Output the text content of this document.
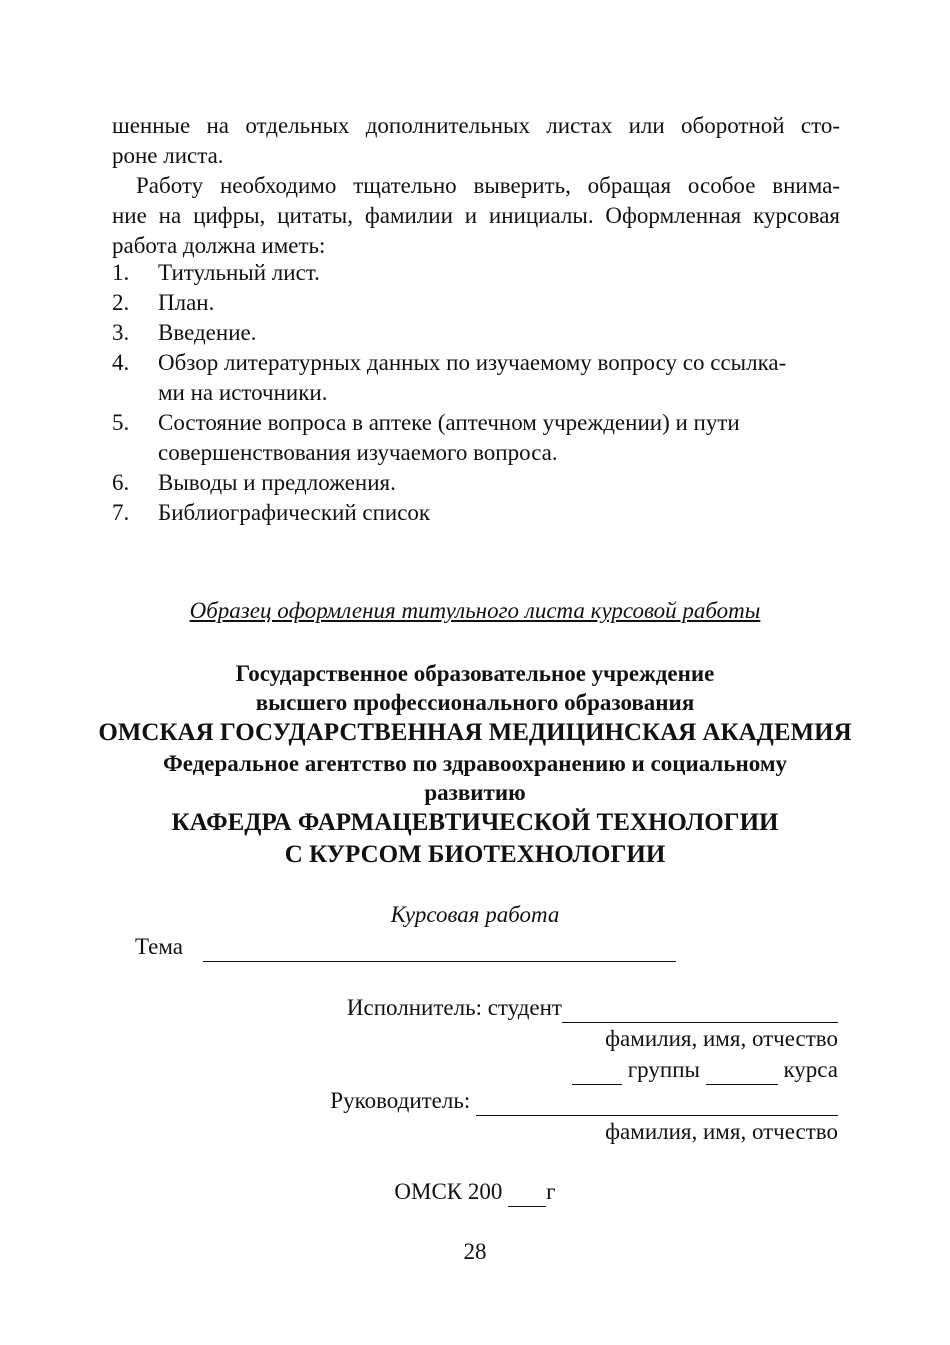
шенные на отдельных дополнительных листах или оборотной сто-
роне листа.
Работу необходимо тщательно выверить, обращая особое внима-
ние на цифры, цитаты, фамилии и инициалы. Оформленная курсовая
работа должна иметь:
1. Титульный лист.
2. План.
3. Введение.
4. Обзор литературных данных по изучаемому вопросу со ссылка-
ми на источники.
5. Состояние вопроса в аптеке (аптечном учреждении) и пути
совершенствования изучаемого вопроса.
6. Выводы и предложения.
7. Библиографический список
Образец оформления титульного листа курсовой работы
Государственное образовательное учреждение
высшего профессионального образования
ОМСКАЯ ГОСУДАРСТВЕННАЯ МЕДИЦИНСКАЯ АКАДЕМИЯ
Федеральное агентство по здравоохранению и социальному
развитию
КАФЕДРА ФАРМАЦЕВТИЧЕСКОЙ ТЕХНОЛОГИИ
С КУРСОМ БИОТЕХНОЛОГИИ
Курсовая работа
Тема
Исполнитель: студент
фамилия, имя, отчество
группы	курса
Руководитель:
фамилия, имя, отчество
ОМСК 200 г
28
